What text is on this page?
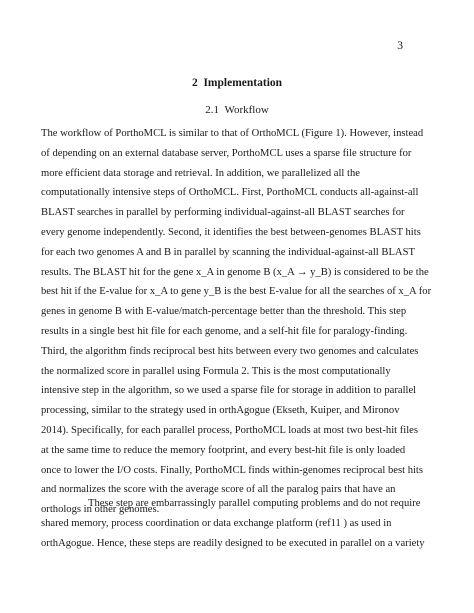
3
2 Implementation
2.1 Workflow
The workflow of PorthoMCL is similar to that of OrthoMCL (Figure 1). However, instead
of depending on an external database server, PorthoMCL uses a sparse file structure for
more efficient data storage and retrieval. In addition, we parallelized all the
computationally intensive steps of OrthoMCL. First, PorthoMCL conducts all-against-all
BLAST searches in parallel by performing individual-against-all BLAST searches for
every genome independently. Second, it identifies the best between-genomes BLAST hits
for each two genomes A and B in parallel by scanning the individual-against-all BLAST
results. The BLAST hit for the gene x_A in genome B (x_A → y_B) is considered to be the
best hit if the E-value for x_A to gene y_B is the best E-value for all the searches of x_A for
genes in genome B with E-value/match-percentage better than the threshold. This step
results in a single best hit file for each genome, and a self-hit file for paralogy-finding.
Third, the algorithm finds reciprocal best hits between every two genomes and calculates
the normalized score in parallel using Formula 2. This is the most computationally
intensive step in the algorithm, so we used a sparse file for storage in addition to parallel
processing, similar to the strategy used in orthAgogue (Ekseth, Kuiper, and Mironov
2014). Specifically, for each parallel process, PorthoMCL loads at most two best-hit files
at the same time to reduce the memory footprint, and every best-hit file is only loaded
once to lower the I/O costs. Finally, PorthoMCL finds within-genomes reciprocal best hits
and normalizes the score with the average score of all the paralog pairs that have an
orthologs in other genomes.
These step are embarrassingly parallel computing problems and do not require
shared memory, process coordination or data exchange platform (ref11 ) as used in
orthAgogue. Hence, these steps are readily designed to be executed in parallel on a variety
